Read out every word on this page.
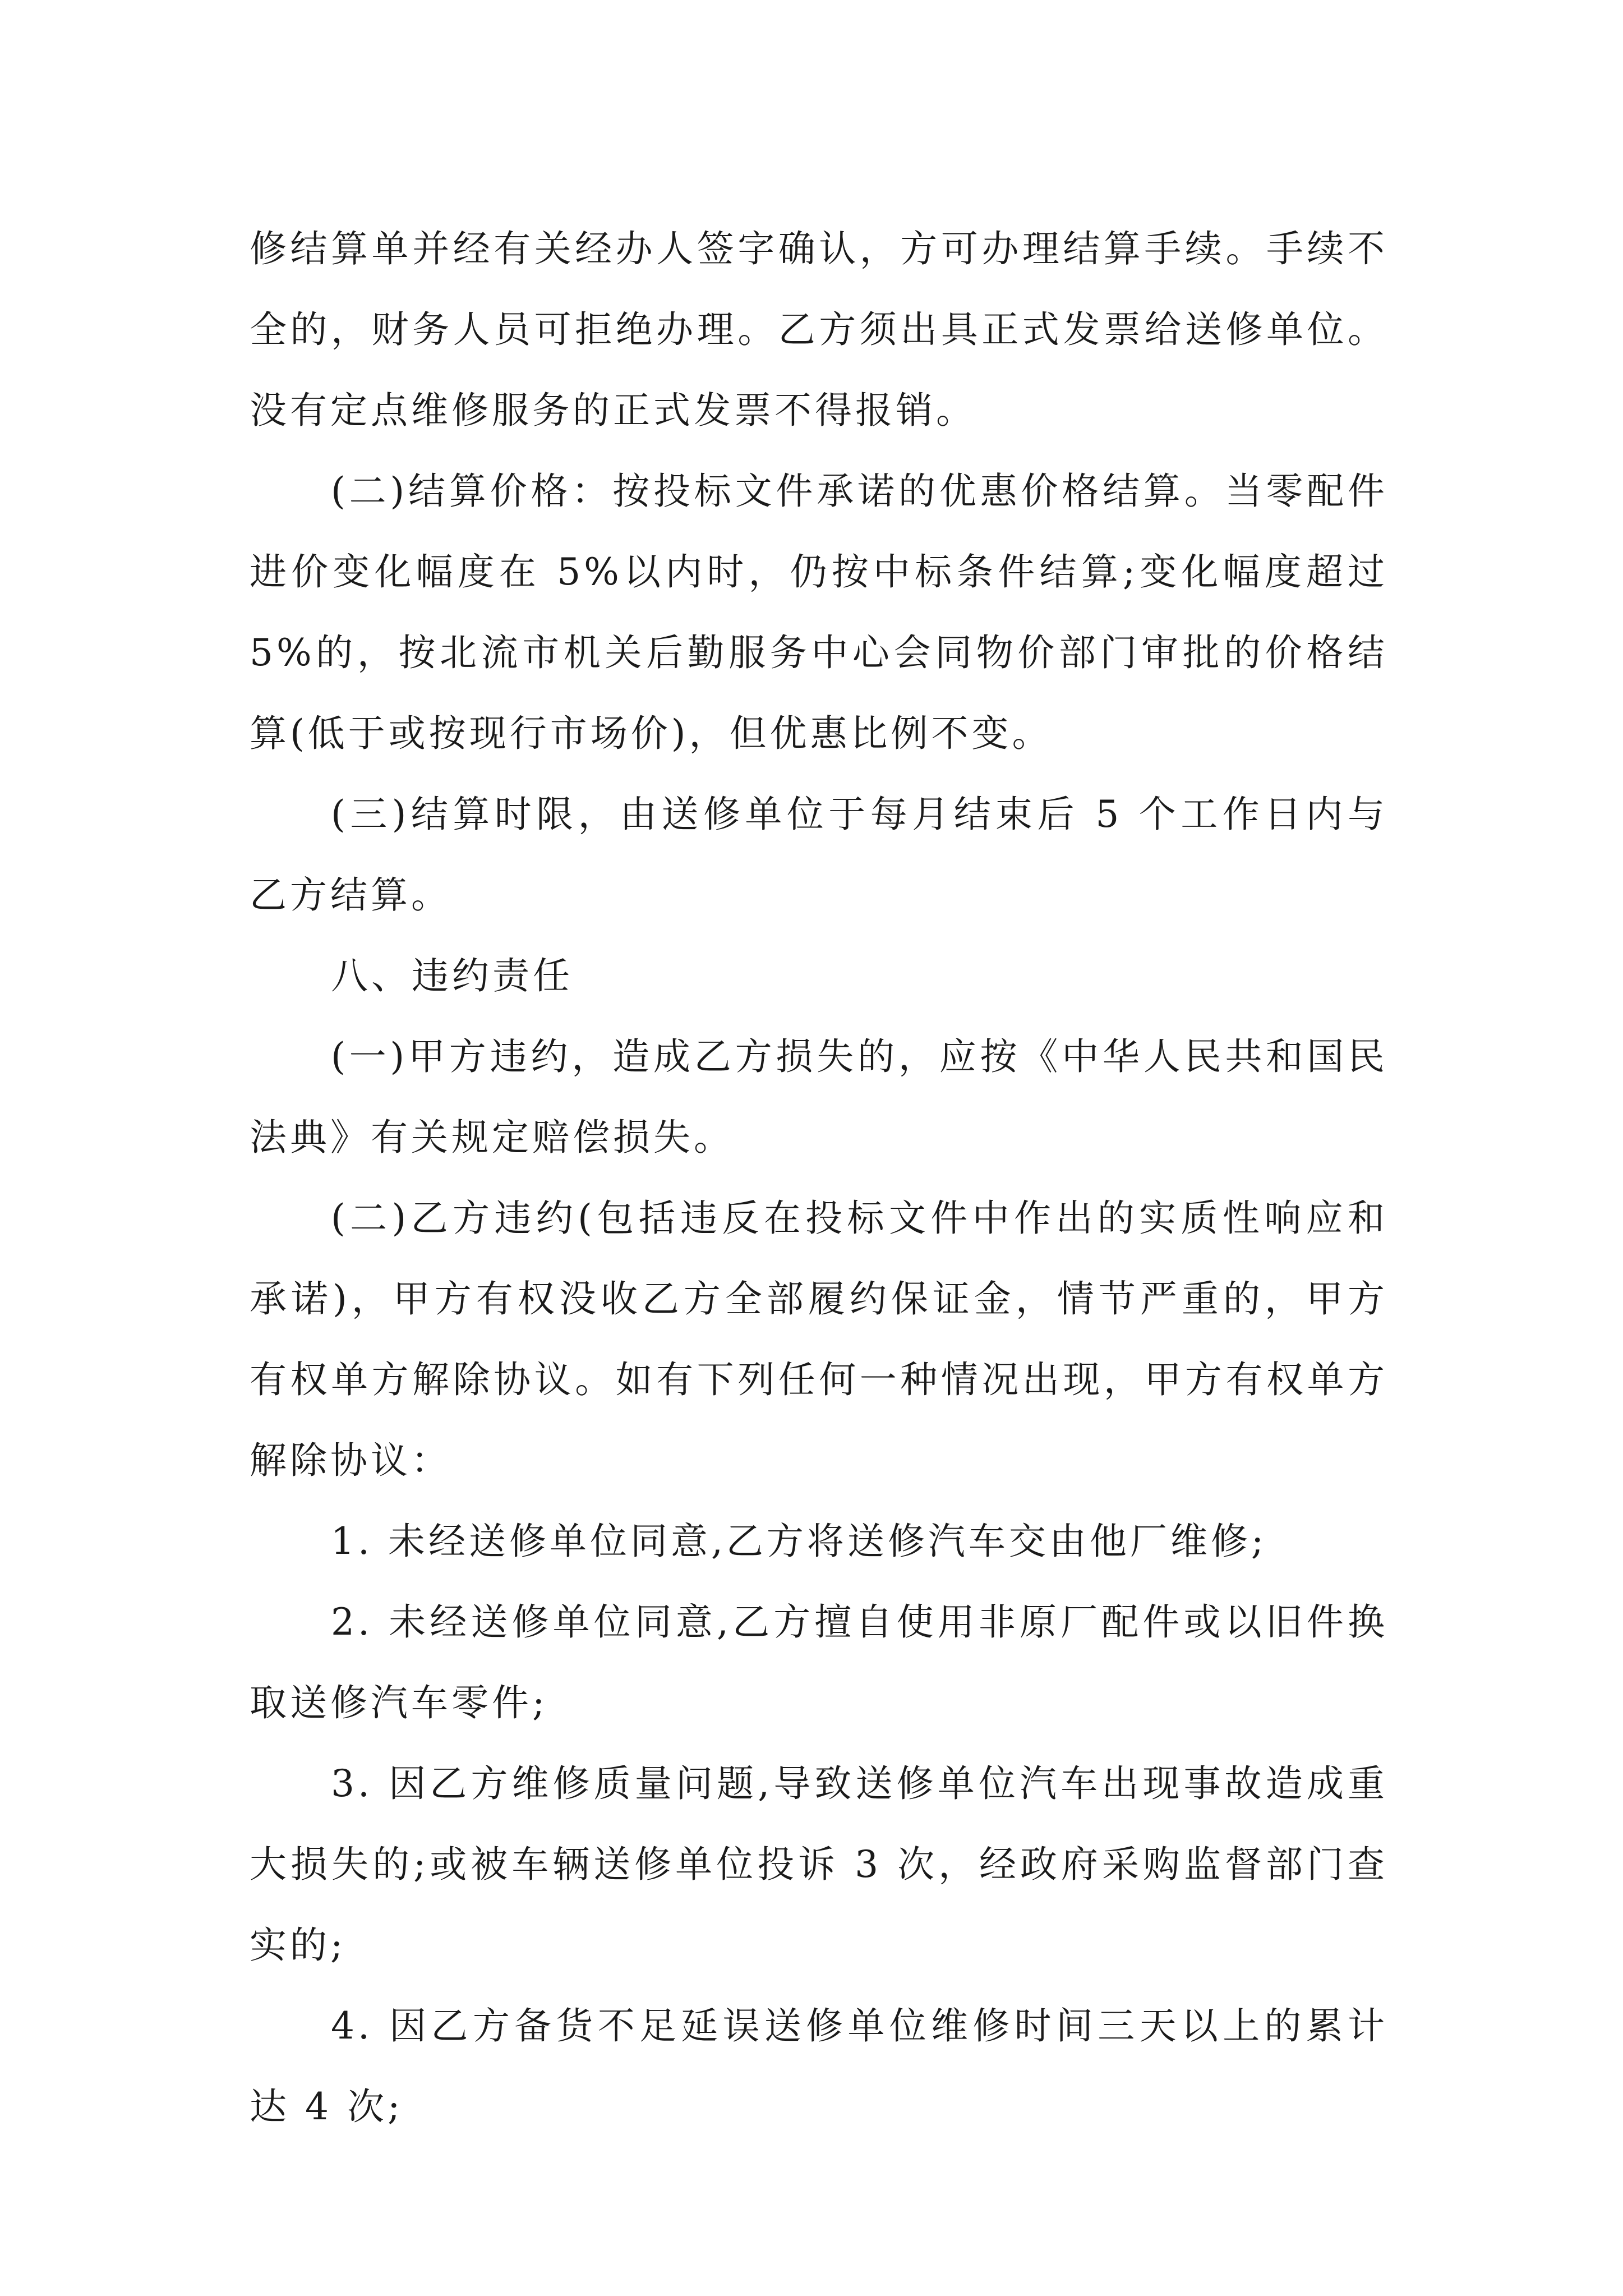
修结算单并经有关经办人签字确认，方可办理结算手续。手续不全的，财务人员可拒绝办理。乙方须出具正式发票给送修单位。没有定点维修服务的正式发票不得报销。

(二)结算价格：按投标文件承诺的优惠价格结算。当零配件进价变化幅度在 5%以内时，仍按中标条件结算;变化幅度超过 5%的，按北流市机关后勤服务中心会同物价部门审批的价格结算(低于或按现行市场价)，但优惠比例不变。

(三)结算时限，由送修单位于每月结束后 5 个工作日内与乙方结算。

八、违约责任

(一)甲方违约，造成乙方损失的，应按《中华人民共和国民法典》有关规定赔偿损失。

(二)乙方违约(包括违反在投标文件中作出的实质性响应和承诺)，甲方有权没收乙方全部履约保证金，情节严重的，甲方有权单方解除协议。如有下列任何一种情况出现，甲方有权单方解除协议：

1. 未经送修单位同意,乙方将送修汽车交由他厂维修;

2. 未经送修单位同意,乙方擅自使用非原厂配件或以旧件换取送修汽车零件;

3. 因乙方维修质量问题,导致送修单位汽车出现事故造成重大损失的;或被车辆送修单位投诉 3 次，经政府采购监督部门查实的;

4. 因乙方备货不足延误送修单位维修时间三天以上的累计达 4 次;
